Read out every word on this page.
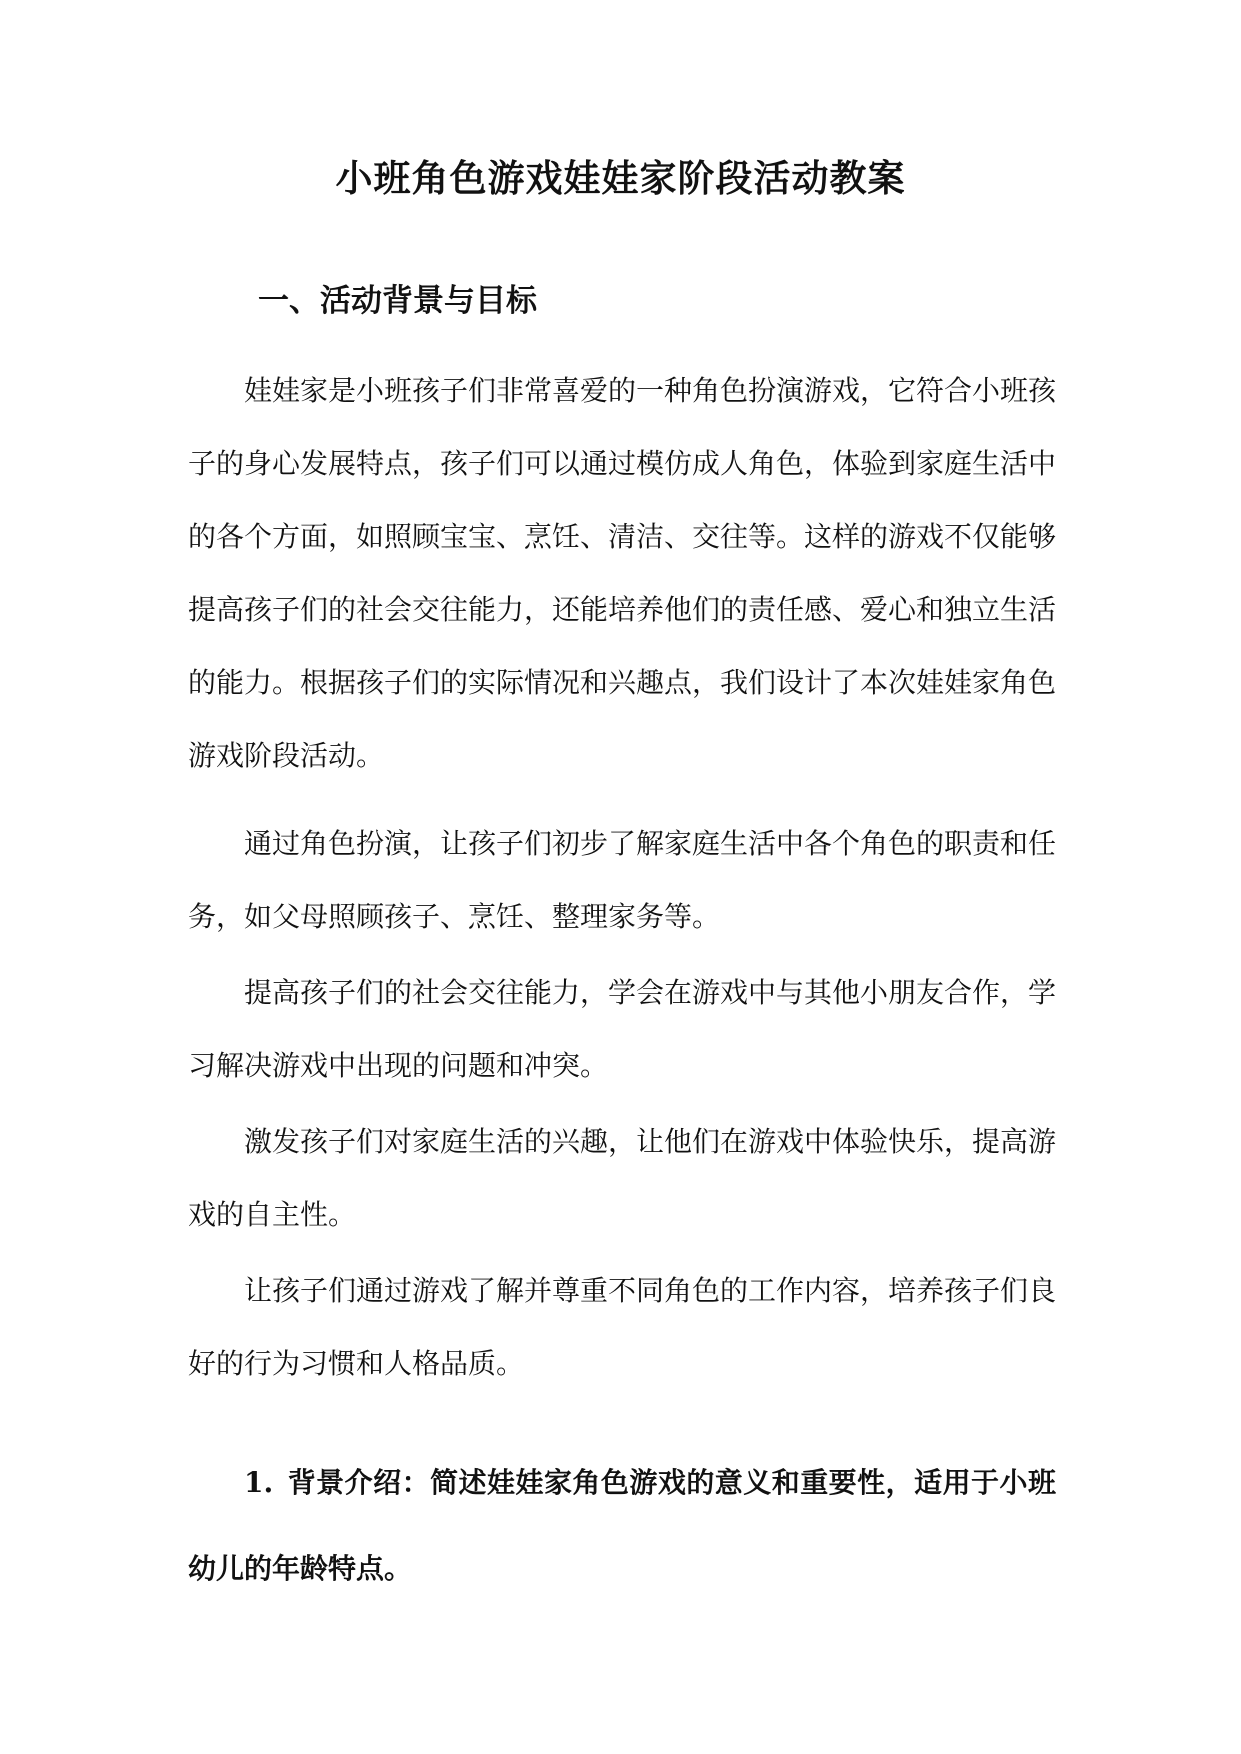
小班角色游戏娃娃家阶段活动教案
一、活动背景与目标

娃娃家是小班孩子们非常喜爱的一种角色扮演游戏，它符合小班孩子的身心发展特点，孩子们可以通过模仿成人角色，体验到家庭生活中的各个方面，如照顾宝宝、烹饪、清洁、交往等。这样的游戏不仅能够提高孩子们的社会交往能力，还能培养他们的责任感、爱心和独立生活的能力。根据孩子们的实际情况和兴趣点，我们设计了本次娃娃家角色游戏阶段活动。

通过角色扮演，让孩子们初步了解家庭生活中各个角色的职责和任务，如父母照顾孩子、烹饪、整理家务等。

提高孩子们的社会交往能力，学会在游戏中与其他小朋友合作，学习解决游戏中出现的问题和冲突。

激发孩子们对家庭生活的兴趣，让他们在游戏中体验快乐，提高游戏的自主性。

让孩子们通过游戏了解并尊重不同角色的工作内容，培养孩子们良好的行为习惯和人格品质。

1. 背景介绍：简述娃娃家角色游戏的意义和重要性，适用于小班幼儿的年龄特点。
